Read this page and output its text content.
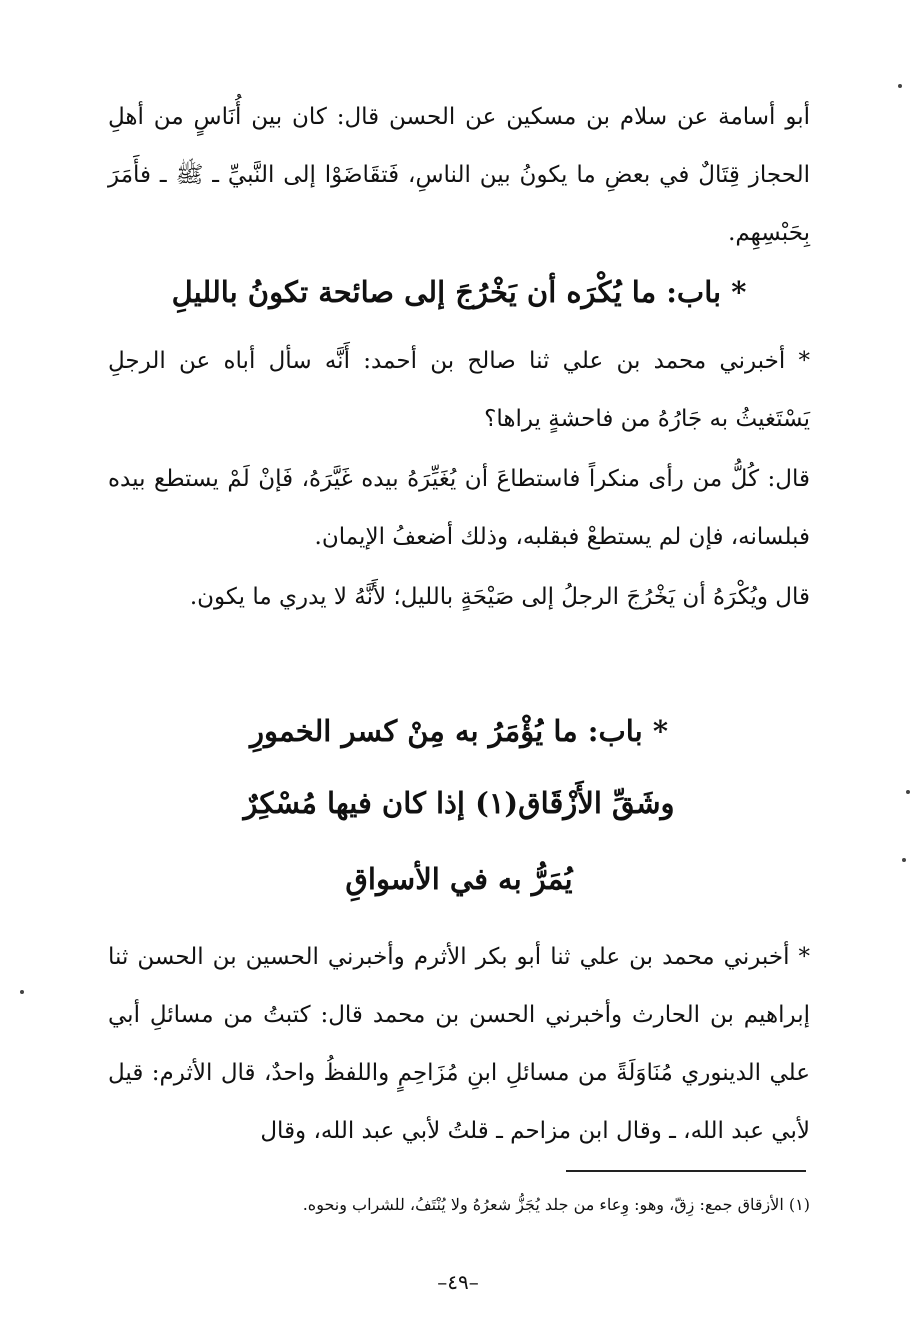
أبو أسامة عن سلام بن مسكين عن الحسن قال: كان بين أُنَاسٍ من أهلِ الحجاز قِتَالٌ في بعضِ ما يكونُ بين الناسِ، فَتقَاضَوْا إلى النَّبيِّ ـ ﷺ ـ فأَمَرَ بِحَبْسِهِم.

* باب: ما يُكْرَه أن يَخْرُجَ إلى صائحة تكونُ بالليلِ

* أخبرني محمد بن علي ثنا صالح بن أحمد: أَنَّه سأل أباه عن الرجلِ يَسْتَغيثُ به جَارُهُ من فاحشةٍ يراها؟

قال: كُلُّ من رأى منكراً فاستطاعَ أن يُغَيِّرَهُ بيده غَيَّرَهُ، فَإنْ لَمْ يستطع بيده فبلسانه، فإن لم يستطعْ فبقلبه، وذلك أضعفُ الإيمان.

قال ويُكْرَهُ أن يَخْرُجَ الرجلُ إلى صَيْحَةٍ بالليل؛ لأَنَّهُ لا يدري ما يكون.

* باب: ما يُؤْمَرُ به مِنْ كسر الخمورِ
وشَقِّ الأَزْقَاق(١) إذا كان فيها مُسْكِرٌ
يُمَرُّ به في الأسواقِ

* أخبرني محمد بن علي ثنا أبو بكر الأثرم وأخبرني الحسين بن الحسن ثنا إبراهيم بن الحارث وأخبرني الحسن بن محمد قال: كتبتُ من مسائلِ أبي علي الدينوري مُنَاوَلَةً من مسائلِ ابنِ مُزَاحِمٍ واللفظُ واحدٌ، قال الأثرم: قيل لأبي عبد الله، ـ وقال ابن مزاحم ـ قلتُ لأبي عبد الله، وقال

(١) الأزقاق جمع: زِقّ، وهو: وِعاء من جلد يُجَزُّ شعرُهُ ولا يُنْتَفُ، للشراب ونحوه.
–٤٩–
